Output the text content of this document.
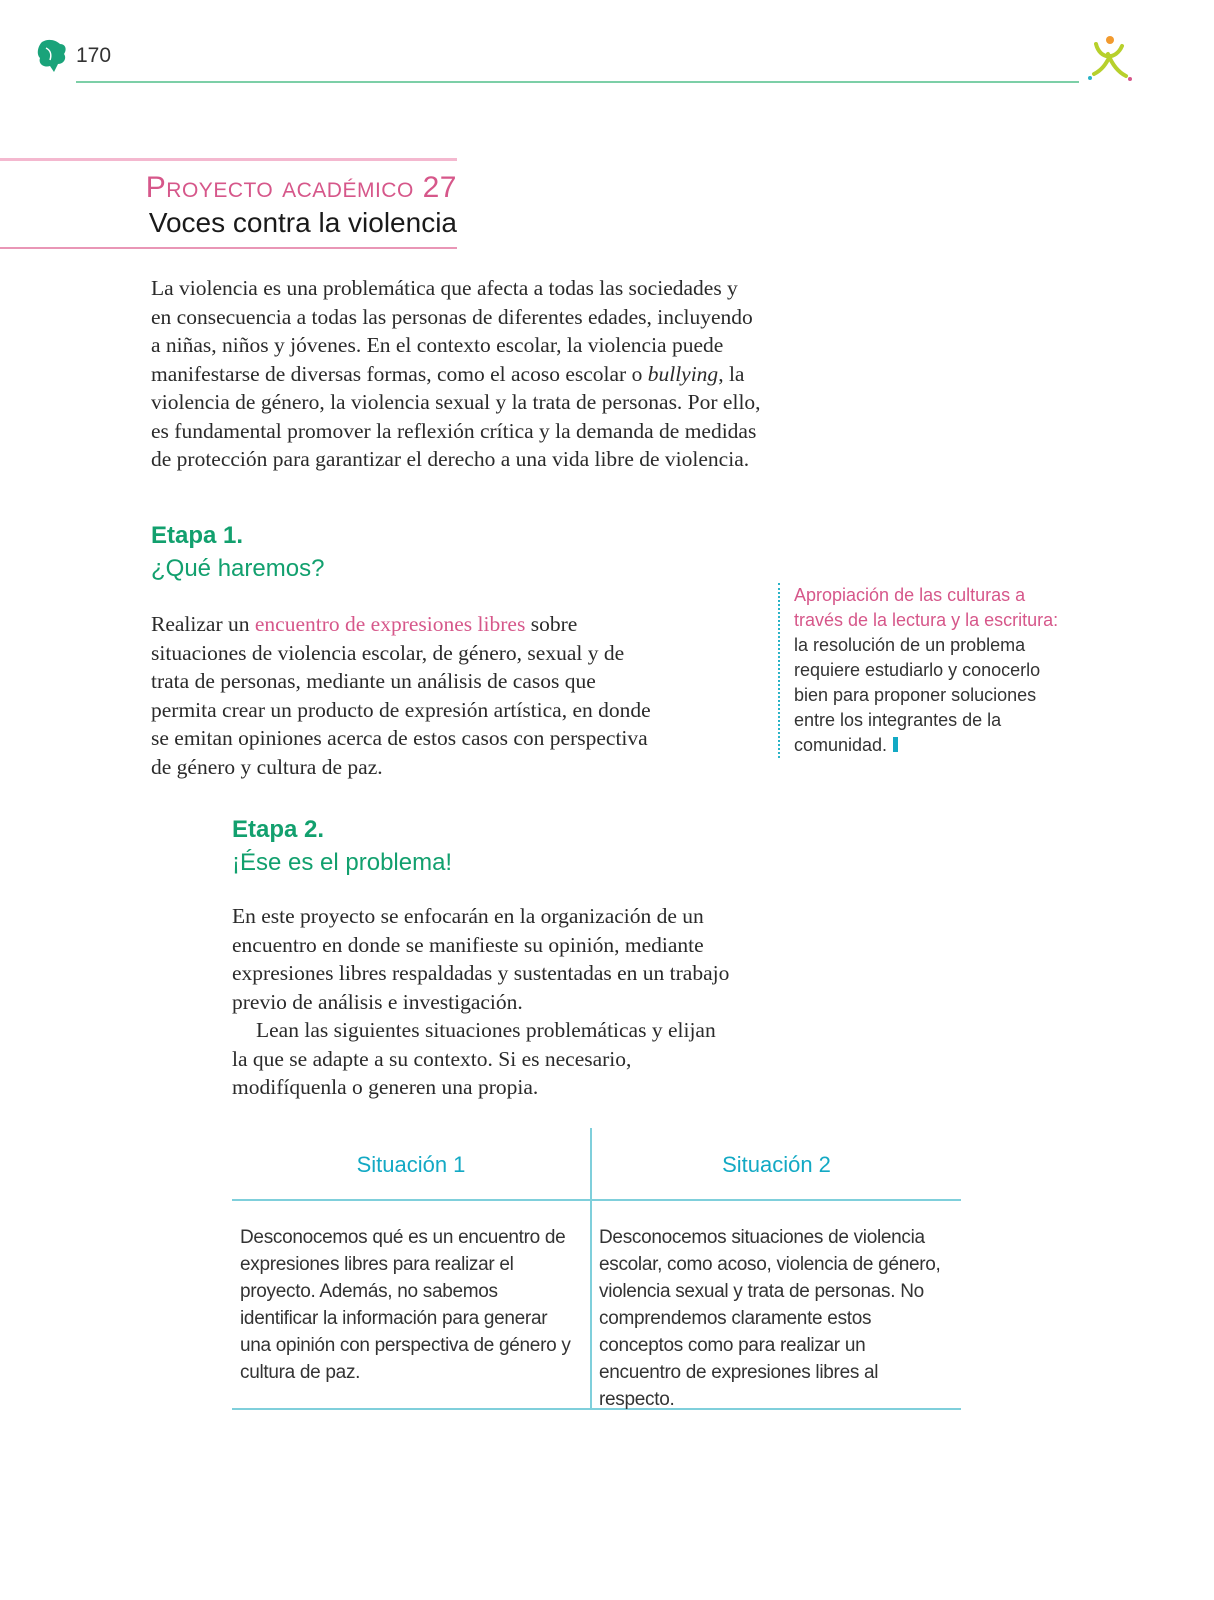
170
Proyecto académico 27
Voces contra la violencia

La violencia es una problemática que afecta a todas las sociedades y en consecuencia a todas las personas de diferentes edades, incluyendo a niñas, niños y jóvenes. En el contexto escolar, la violencia puede manifestarse de diversas formas, como el acoso escolar o bullying, la violencia de género, la violencia sexual y la trata de personas. Por ello, es fundamental promover la reflexión crítica y la demanda de medidas de protección para garantizar el derecho a una vida libre de violencia.

Etapa 1.
¿Qué haremos?

Realizar un encuentro de expresiones libres sobre situaciones de violencia escolar, de género, sexual y de trata de personas, mediante un análisis de casos que permita crear un producto de expresión artística, en donde se emitan opiniones acerca de estos casos con perspectiva de género y cultura de paz.

Apropiación de las culturas a través de la lectura y la escritura: la resolución de un problema requiere estudiarlo y conocerlo bien para proponer soluciones entre los integrantes de la comunidad.
Etapa 2.
¡Ése es el problema!
En este proyecto se enfocarán en la organización de un encuentro en donde se manifieste su opinión, mediante expresiones libres respaldadas y sustentadas en un trabajo previo de análisis e investigación.
Lean las siguientes situaciones problemáticas y elijan la que se adapte a su contexto. Si es necesario, modifíquenla o generen una propia.
Situación 1	Situación 2

Desconocemos qué es un encuentro de expresiones libres para realizar el proyecto. Además, no sabemos identificar la información para generar una opinión con perspectiva de género y cultura de paz.

Desconocemos situaciones de violencia escolar, como acoso, violencia de género, violencia sexual y trata de personas. No comprendemos claramente estos conceptos como para realizar un encuentro de expresiones libres al respecto.
